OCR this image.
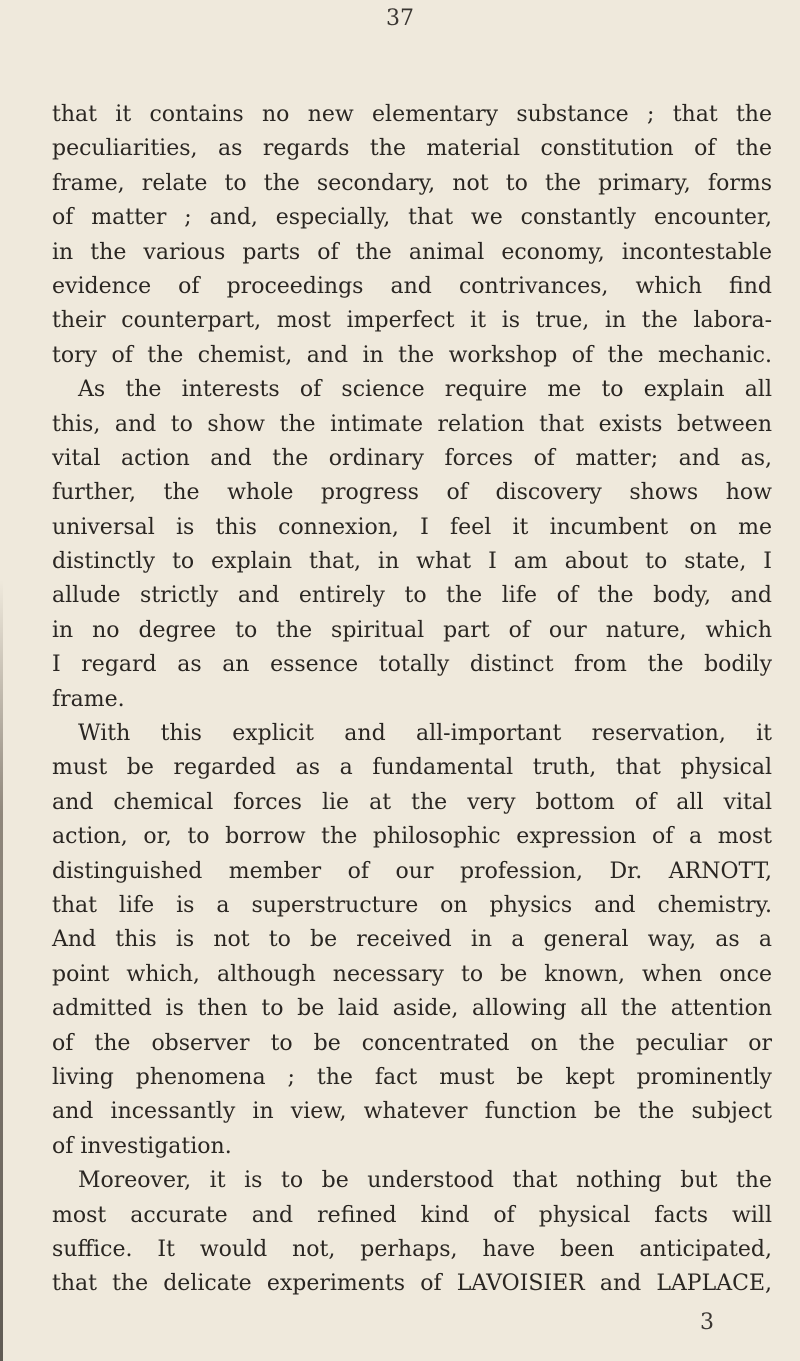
37
that it contains no new elementary substance ; that the
peculiarities, as regards the material constitution of the
frame, relate to the secondary, not to the primary, forms
of matter ; and, especially, that we constantly encounter,
in the various parts of the animal economy, incontestable
evidence of proceedings and contrivances, which find
their counterpart, most imperfect it is true, in the labora-
tory of the chemist, and in the workshop of the mechanic.
As the interests of science require me to explain all
this, and to show the intimate relation that exists between
vital action and the ordinary forces of matter; and as,
further, the whole progress of discovery shows how
universal is this connexion, I feel it incumbent on me
distinctly to explain that, in what I am about to state, I
allude strictly and entirely to the life of the body, and
in no degree to the spiritual part of our nature, which
I regard as an essence totally distinct from the bodily
frame.
With this explicit and all-important reservation, it
must be regarded as a fundamental truth, that physical
and chemical forces lie at the very bottom of all vital
action, or, to borrow the philosophic expression of a most
distinguished member of our profession, Dr. ARNOTT,
that life is a superstructure on physics and chemistry.
And this is not to be received in a general way, as a
point which, although necessary to be known, when once
admitted is then to be laid aside, allowing all the attention
of the observer to be concentrated on the peculiar or
living phenomena ; the fact must be kept prominently
and incessantly in view, whatever function be the subject
of investigation.
Moreover, it is to be understood that nothing but the
most accurate and refined kind of physical facts will
suffice. It would not, perhaps, have been anticipated,
that the delicate experiments of LAVOISIER and LAPLACE,
3
